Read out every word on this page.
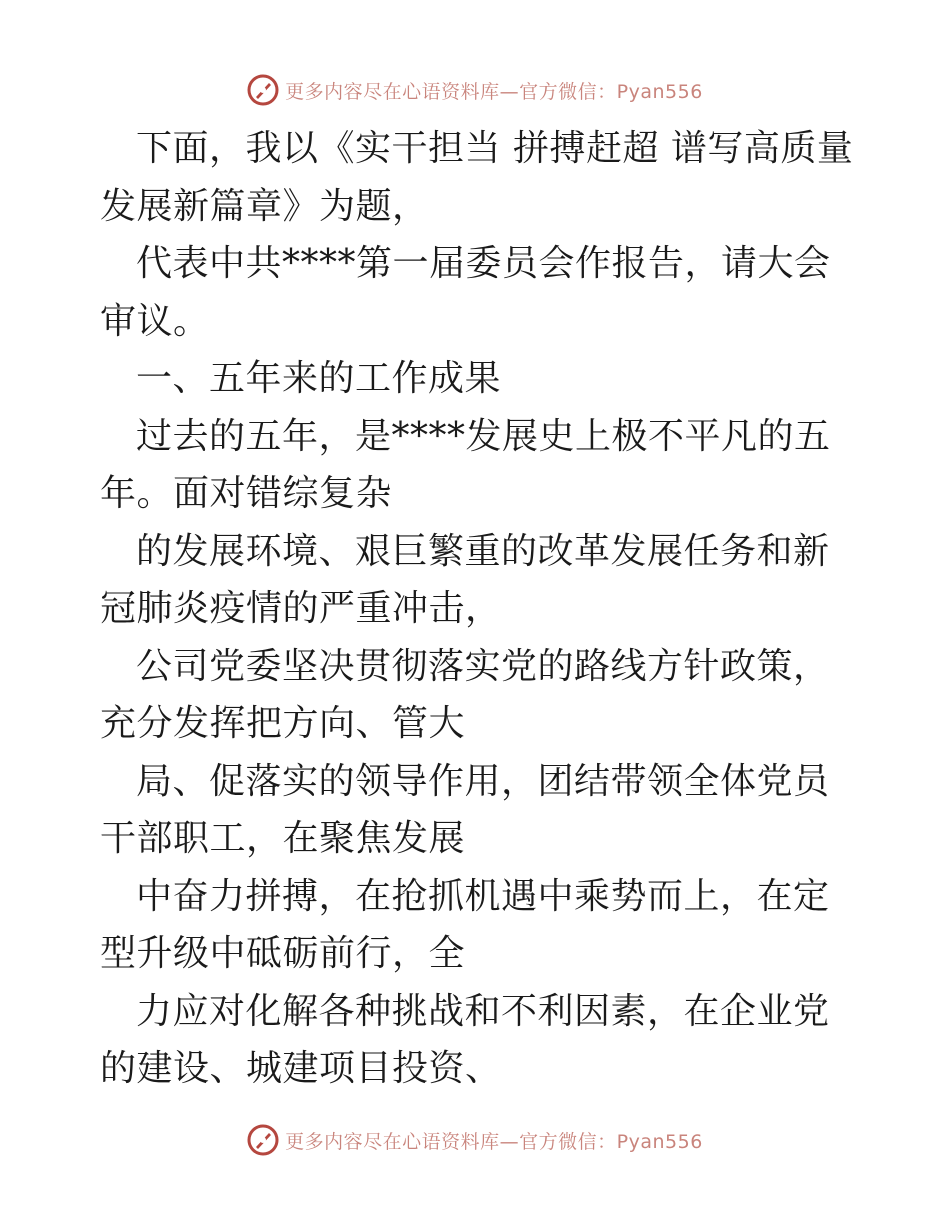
更多内容尽在心语资料库—官方微信：Pyan556

下面，我以《实干担当 拼搏赶超 谱写高质量发展新篇章》为题，

代表中共****第一届委员会作报告，请大会审议。

一、五年来的工作成果

过去的五年，是****发展史上极不平凡的五年。面对错综复杂

的发展环境、艰巨繁重的改革发展任务和新冠肺炎疫情的严重冲击，

公司党委坚决贯彻落实党的路线方针政策，充分发挥把方向、管大

局、促落实的领导作用，团结带领全体党员干部职工，在聚焦发展

中奋力拼搏，在抢抓机遇中乘势而上，在定型升级中砥砺前行，全

力应对化解各种挑战和不利因素，在企业党的建设、城建项目投资、

更多内容尽在心语资料库—官方微信：Pyan556
